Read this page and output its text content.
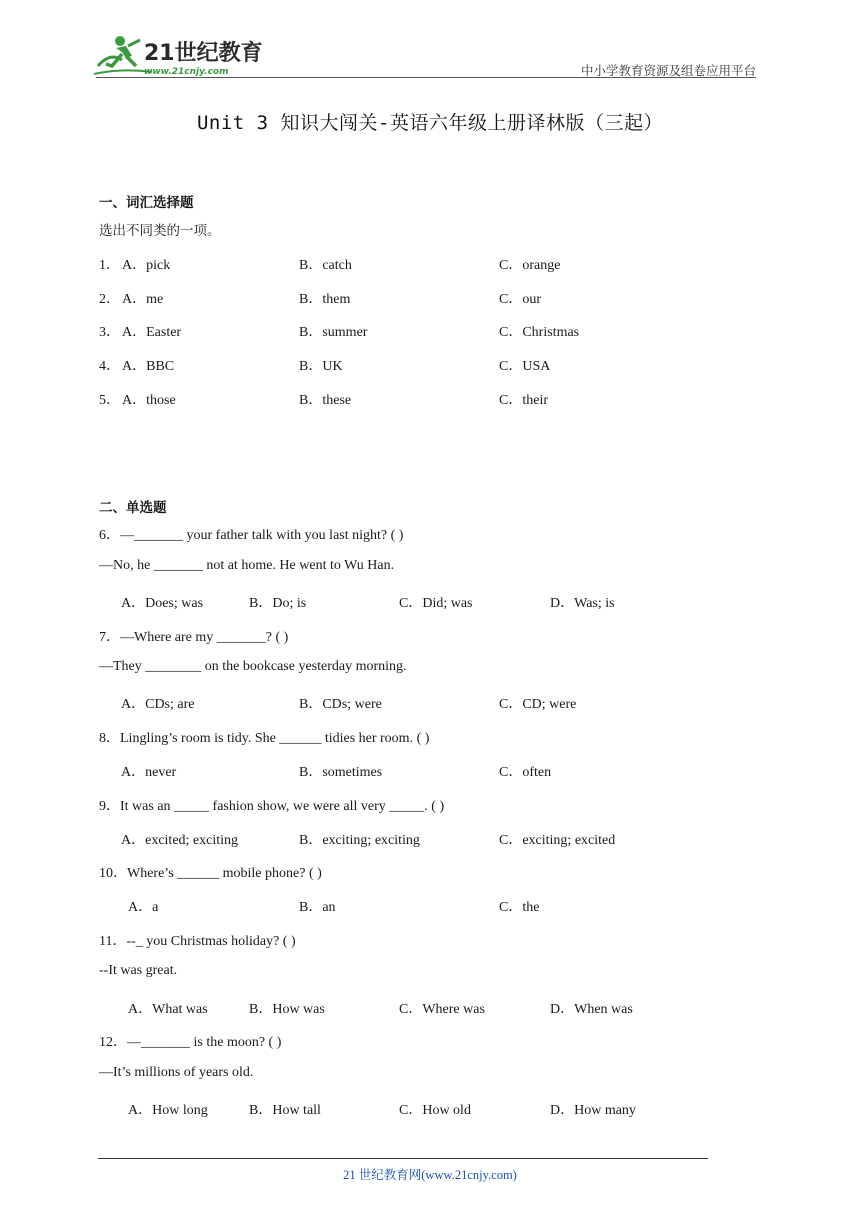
21世纪教育
www.21cnjy.com	中小学教育资源及组卷应用平台
Unit 3 知识大闯关-英语六年级上册译林版（三起）
一、词汇选择题
选出不同类的一项。
1． A．pick	B．catch	C．orange
2． A．me	B．them	C．our
3． A．Easter	B．summer	C．Christmas
4． A．BBC	B．UK	C．USA
5． A．those	B．these	C．their
二、单选题
6．—_______ your father talk with you last night? ( )
—No, he _______ not at home. He went to Wu Han.
A．Does; was	B．Do; is	C．Did; was	D．Was; is
7．—Where are my _______? ( )
—They ________ on the bookcase yesterday morning.
A．CDs; are	B．CDs; were	C．CD; were
8．Lingling’s room is tidy. She ______ tidies her room. ( )
A．never	B．sometimes	C．often
9．It was an _____ fashion show, we were all very _____. ( )
A．excited; exciting	B．exciting; exciting	C．exciting; excited
10．Where’s ______ mobile phone? ( )
A．a	B．an	C．the
11．--_ you Christmas holiday? ( )
--It was great.
A．What was	B．How was	C．Where was	D．When was
12．—_______ is the moon? ( )
—It’s millions of years old.
A．How long	B．How tall	C．How old	D．How many
21 世纪教育网(www.21cnjy.com)
